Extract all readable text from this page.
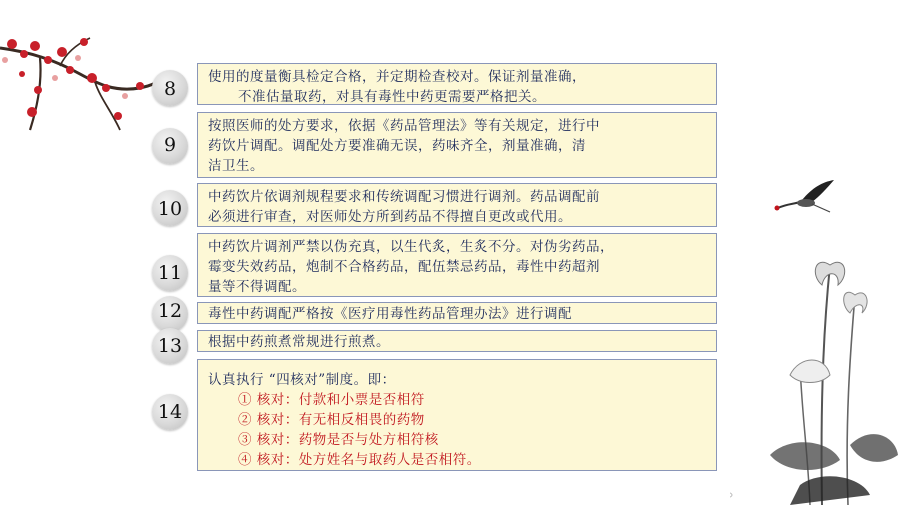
8
使用的度量衡具检定合格，并定期检查校对。保证剂量准确，
不准估量取药，对具有毒性中药更需要严格把关。
9
按照医师的处方要求，依据《药品管理法》等有关规定，进行中
药饮片调配。调配处方要准确无误，药味齐全，剂量准确，清
洁卫生。
10
中药饮片依调剂规程要求和传统调配习惯进行调剂。药品调配前
必须进行审查，对医师处方所到药品不得擅自更改或代用。
11
中药饮片调剂严禁以伪充真，以生代炙，生炙不分。对伪劣药品，
霉变失效药品，炮制不合格药品，配伍禁忌药品，毒性中药超剂
量等不得调配。
12	毒性中药调配严格按《医疗用毒性药品管理办法》进行调配
13	根据中药煎煮常规进行煎煮。
14
认真执行 “四核对”制度。即：
① 核对：付款和小票是否相符
② 核对：有无相反相畏的药物
③ 核对：药物是否与处方相符核
④ 核对：处方姓名与取药人是否相符。
